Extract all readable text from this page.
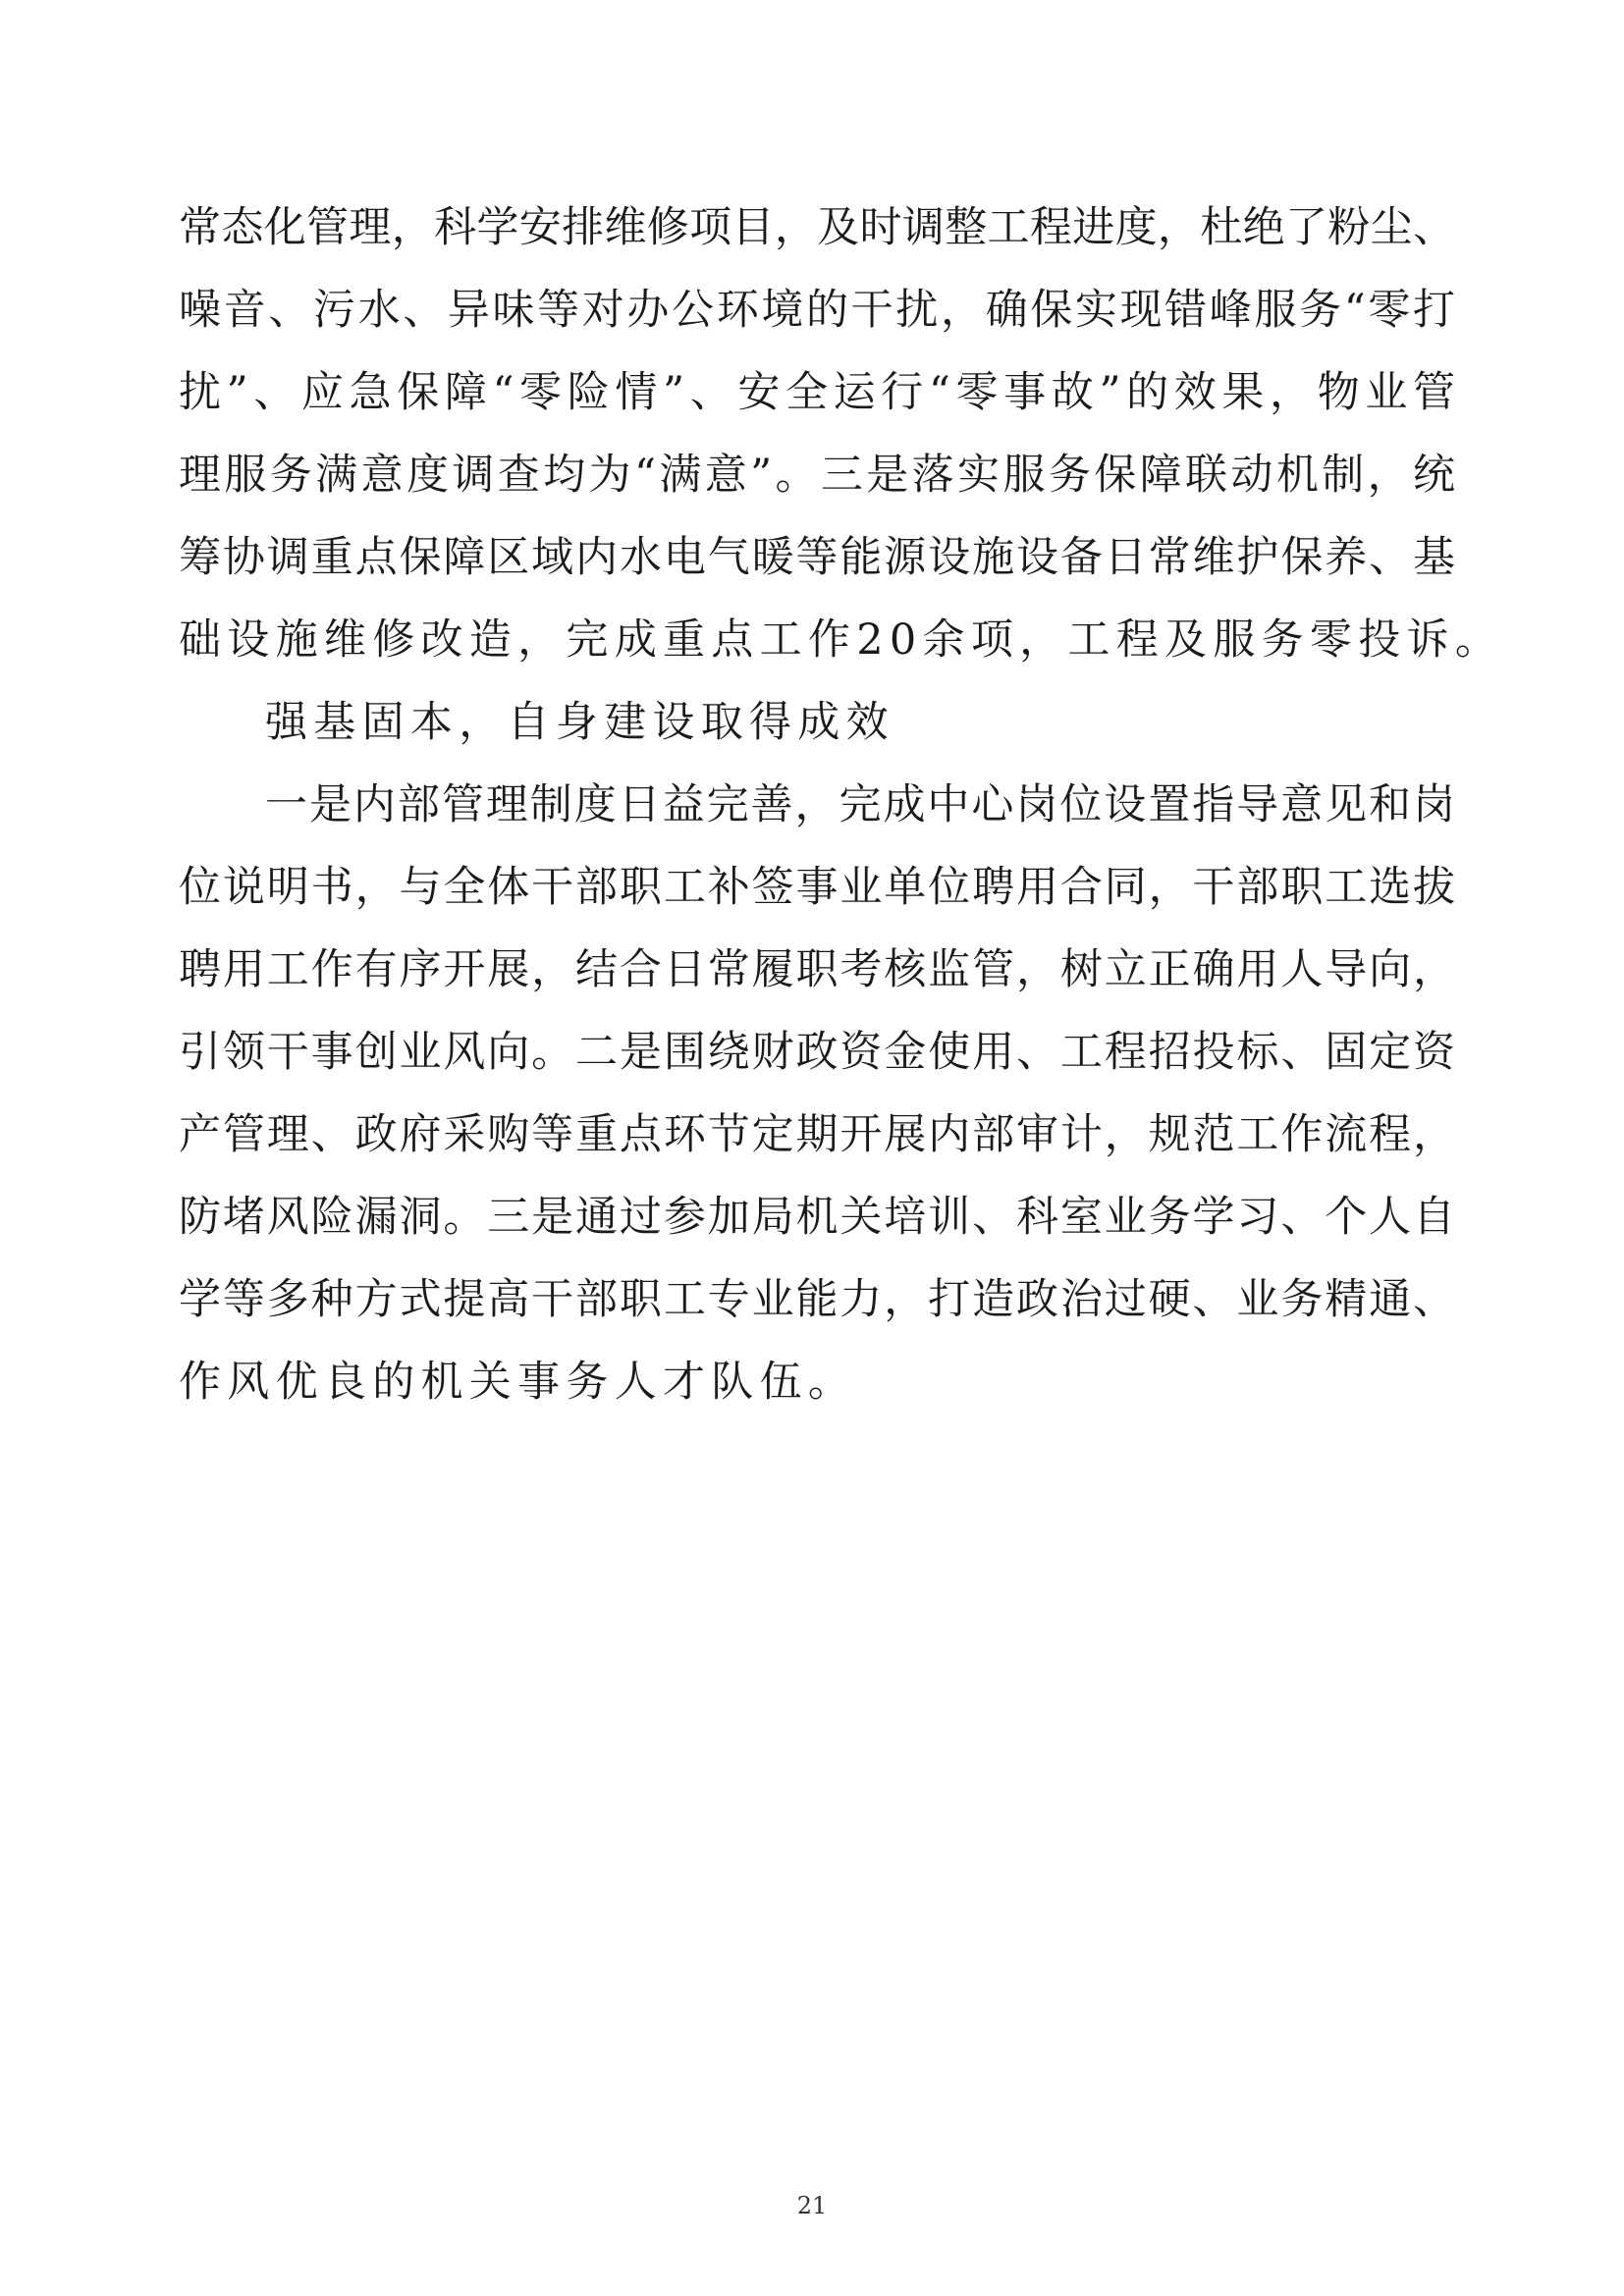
常态化管理，科学安排维修项目，及时调整工程进度，杜绝了粉尘、
噪音、污水、异味等对办公环境的干扰，确保实现错峰服务“零打
扰”、应急保障“零险情”、安全运行“零事故”的效果，物业管
理服务满意度调查均为“满意”。三是落实服务保障联动机制，统
筹协调重点保障区域内水电气暖等能源设施设备日常维护保养、基
础设施维修改造，完成重点工作20余项，工程及服务零投诉。
强基固本，自身建设取得成效
一是内部管理制度日益完善，完成中心岗位设置指导意见和岗
位说明书，与全体干部职工补签事业单位聘用合同，干部职工选拔
聘用工作有序开展，结合日常履职考核监管，树立正确用人导向，
引领干事创业风向。二是围绕财政资金使用、工程招投标、固定资
产管理、政府采购等重点环节定期开展内部审计，规范工作流程，
防堵风险漏洞。三是通过参加局机关培训、科室业务学习、个人自
学等多种方式提高干部职工专业能力，打造政治过硬、业务精通、
作风优良的机关事务人才队伍。
21
